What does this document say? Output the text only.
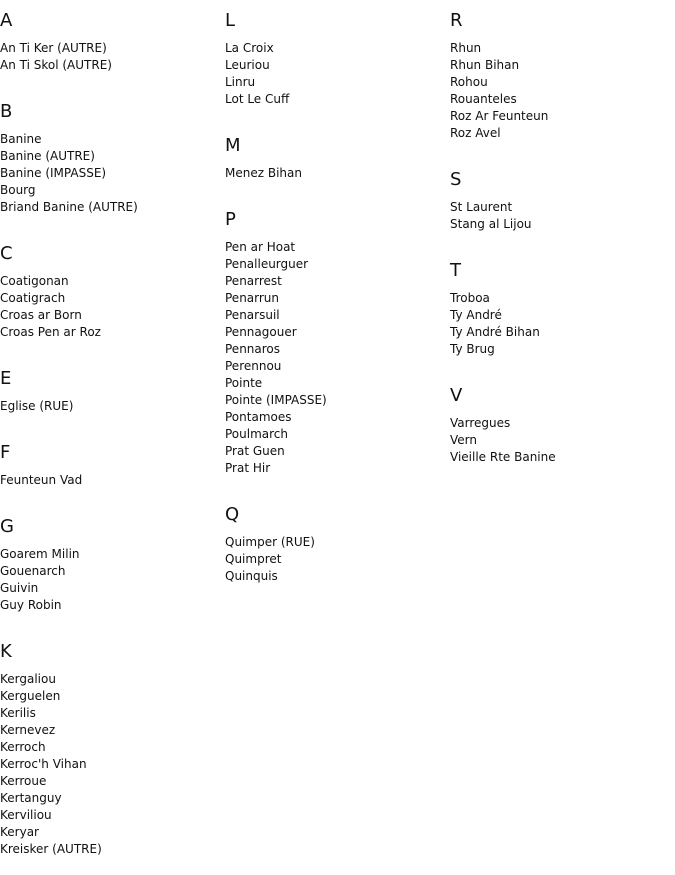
A
An Ti Ker (AUTRE)
An Ti Skol (AUTRE)
B
Banine
Banine (AUTRE)
Banine (IMPASSE)
Bourg
Briand Banine (AUTRE)
C
Coatigonan
Coatigrach
Croas ar Born
Croas Pen ar Roz
E
Eglise (RUE)
F
Feunteun Vad
G
Goarem Milin
Gouenarch
Guivin
Guy Robin
K
Kergaliou
Kerguelen
Kerilis
Kernevez
Kerroch
Kerroc'h Vihan
Kerroue
Kertanguy
Kerviliou
Keryar
Kreisker (AUTRE)
L
La Croix
Leuriou
Linru
Lot Le Cuff
M
Menez Bihan
P
Pen ar Hoat
Penalleurguer
Penarrest
Penarrun
Penarsuil
Pennagouer
Pennaros
Perennou
Pointe
Pointe (IMPASSE)
Pontamoes
Poulmarch
Prat Guen
Prat Hir
Q
Quimper (RUE)
Quimpret
Quinquis
R
Rhun
Rhun Bihan
Rohou
Rouanteles
Roz Ar Feunteun
Roz Avel
S
St Laurent
Stang al Lijou
T
Troboa
Ty André
Ty André Bihan
Ty Brug
V
Varregues
Vern
Vieille Rte Banine
